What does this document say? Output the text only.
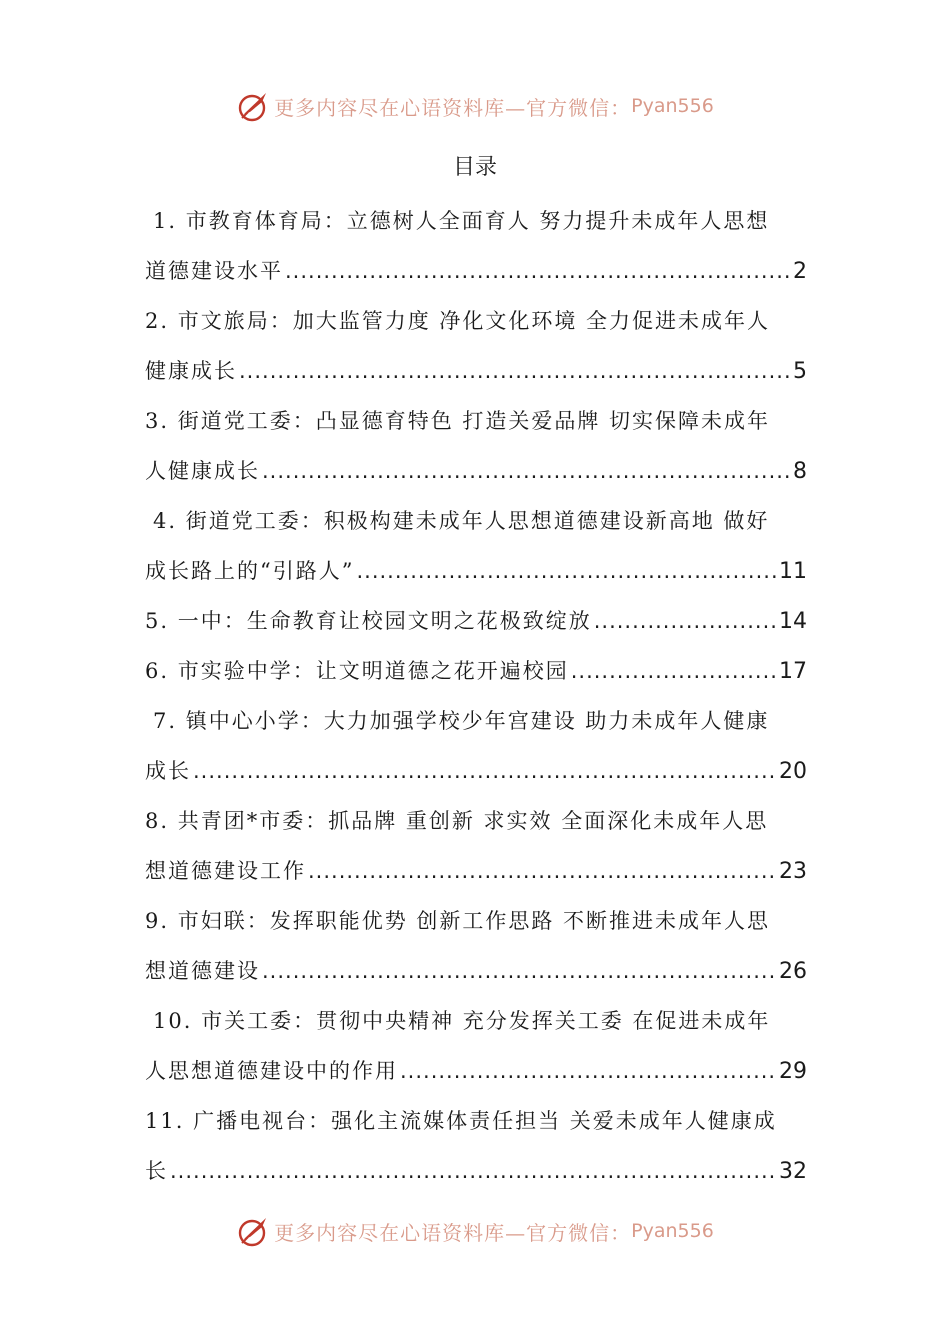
更多内容尽在心语资料库—官方微信： Pyan556
目录
1. 市教育体育局：立德树人全面育人 努力提升未成年人思想
道德建设水平 .....	2
2. 市文旅局：加大监管力度 净化文化环境 全力促进未成年人
健康成长 .....	5
3. 街道党工委：凸显德育特色 打造关爱品牌 切实保障未成年
人健康成长 .....	8
4. 街道党工委：积极构建未成年人思想道德建设新高地 做好
成长路上的“引路人” .....	11
5. 一中：生命教育让校园文明之花极致绽放 .....	14
6. 市实验中学：让文明道德之花开遍校园 .....	17
7. 镇中心小学：大力加强学校少年宫建设 助力未成年人健康
成长 .....	20
8. 共青团*市委：抓品牌 重创新 求实效 全面深化未成年人思
想道德建设工作 .....	23
9. 市妇联：发挥职能优势 创新工作思路 不断推进未成年人思
想道德建设 .....	26
10. 市关工委：贯彻中央精神 充分发挥关工委 在促进未成年
人思想道德建设中的作用 .....	29
11. 广播电视台：强化主流媒体责任担当 关爱未成年人健康成
长 .....	32
更多内容尽在心语资料库—官方微信： Pyan556
